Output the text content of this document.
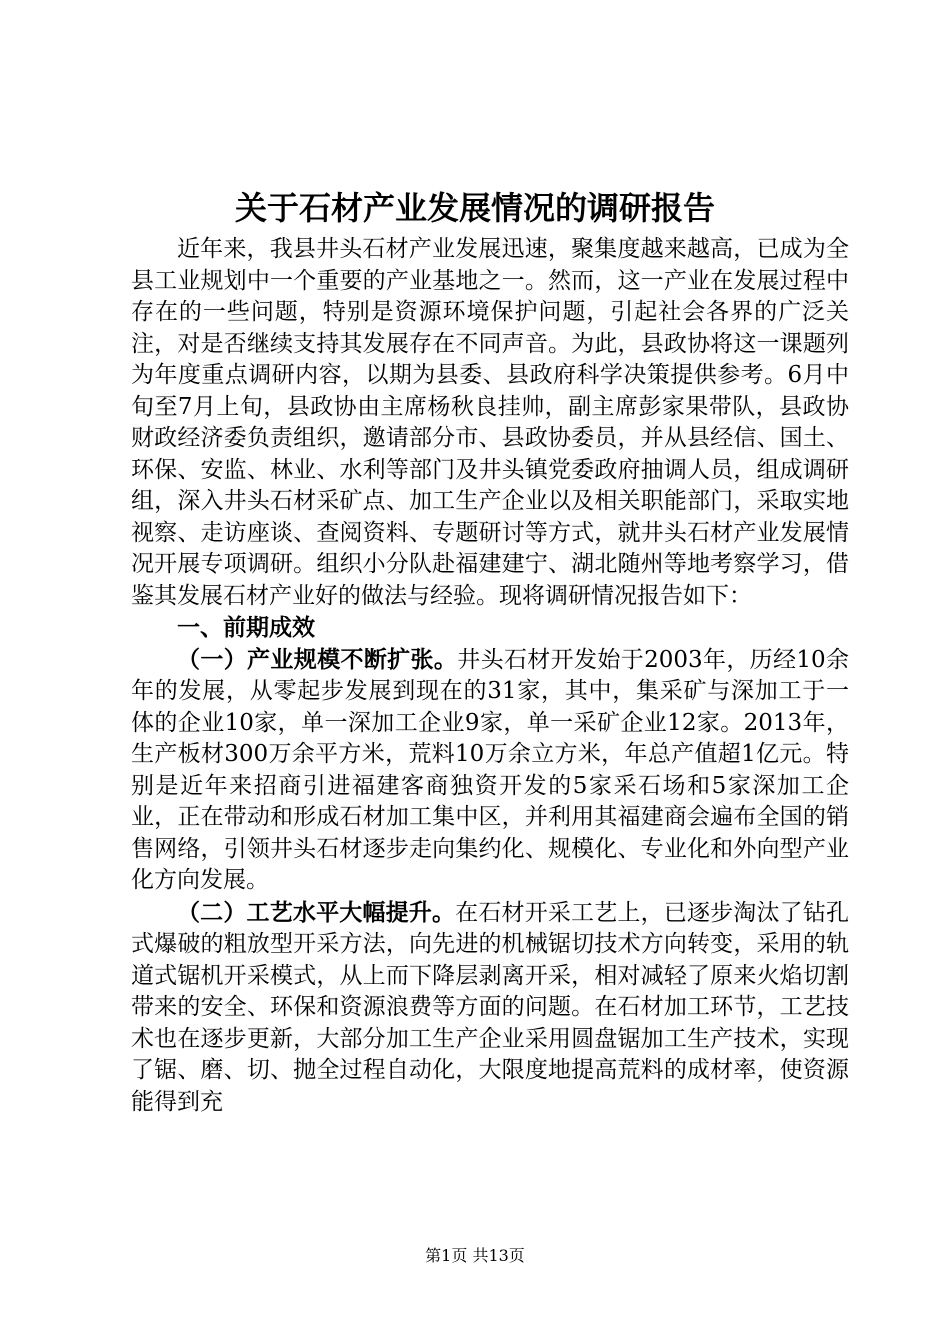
关于石材产业发展情况的调研报告

近年来，我县井头石材产业发展迅速，聚集度越来越高，已成为全县工业规划中一个重要的产业基地之一。然而，这一产业在发展过程中存在的一些问题，特别是资源环境保护问题，引起社会各界的广泛关注，对是否继续支持其发展存在不同声音。为此，县政协将这一课题列为年度重点调研内容，以期为县委、县政府科学决策提供参考。6月中旬至7月上旬，县政协由主席杨秋良挂帅，副主席彭家果带队，县政协财政经济委负责组织，邀请部分市、县政协委员，并从县经信、国土、环保、安监、林业、水利等部门及井头镇党委政府抽调人员，组成调研组，深入井头石材采矿点、加工生产企业以及相关职能部门，采取实地视察、走访座谈、查阅资料、专题研讨等方式，就井头石材产业发展情况开展专项调研。组织小分队赴福建建宁、湖北随州等地考察学习，借鉴其发展石材产业好的做法与经验。现将调研情况报告如下：

一、前期成效

（一）产业规模不断扩张。井头石材开发始于2003年，历经10余年的发展，从零起步发展到现在的31家，其中，集采矿与深加工于一体的企业10家，单一深加工企业9家，单一采矿企业12家。2013年，生产板材300万余平方米，荒料10万余立方米，年总产值超1亿元。特别是近年来招商引进福建客商独资开发的5家采石场和5家深加工企业，正在带动和形成石材加工集中区，并利用其福建商会遍布全国的销售网络，引领井头石材逐步走向集约化、规模化、专业化和外向型产业化方向发展。

（二）工艺水平大幅提升。在石材开采工艺上，已逐步淘汰了钻孔式爆破的粗放型开采方法，向先进的机械锯切技术方向转变，采用的轨道式锯机开采模式，从上而下降层剥离开采，相对减轻了原来火焰切割带来的安全、环保和资源浪费等方面的问题。在石材加工环节，工艺技术也在逐步更新，大部分加工生产企业采用圆盘锯加工生产技术，实现了锯、磨、切、抛全过程自动化，大限度地提高荒料的成材率，使资源能得到充

第1页 共13页
